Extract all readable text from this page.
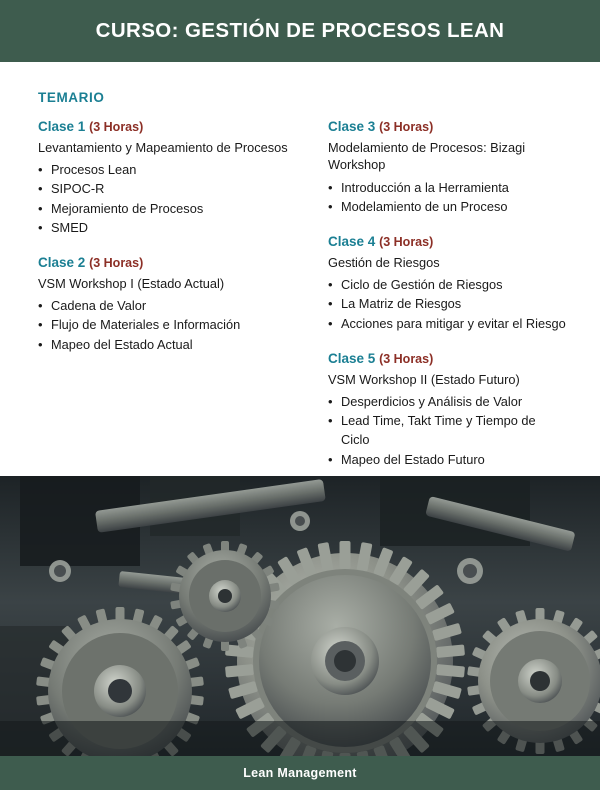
CURSO: GESTIÓN DE PROCESOS LEAN
TEMARIO
Clase 1 (3 Horas)
Levantamiento y Mapeamiento de Procesos
• Procesos Lean
• SIPOC-R
• Mejoramiento de Procesos
• SMED
Clase 2 (3 Horas)
VSM Workshop I (Estado Actual)
• Cadena de Valor
• Flujo de Materiales e Información
• Mapeo del Estado Actual
Clase 3 (3 Horas)
Modelamiento de Procesos: Bizagi Workshop
• Introducción a la Herramienta
• Modelamiento de un Proceso
Clase 4 (3 Horas)
Gestión de Riesgos
• Ciclo de Gestión de Riesgos
• La Matriz de Riesgos
• Acciones para mitigar y evitar el Riesgo
Clase 5 (3 Horas)
VSM Workshop II (Estado Futuro)
• Desperdicios y Análisis de Valor
• Lead Time, Takt Time y Tiempo de Ciclo
• Mapeo del Estado Futuro
Lean Management
